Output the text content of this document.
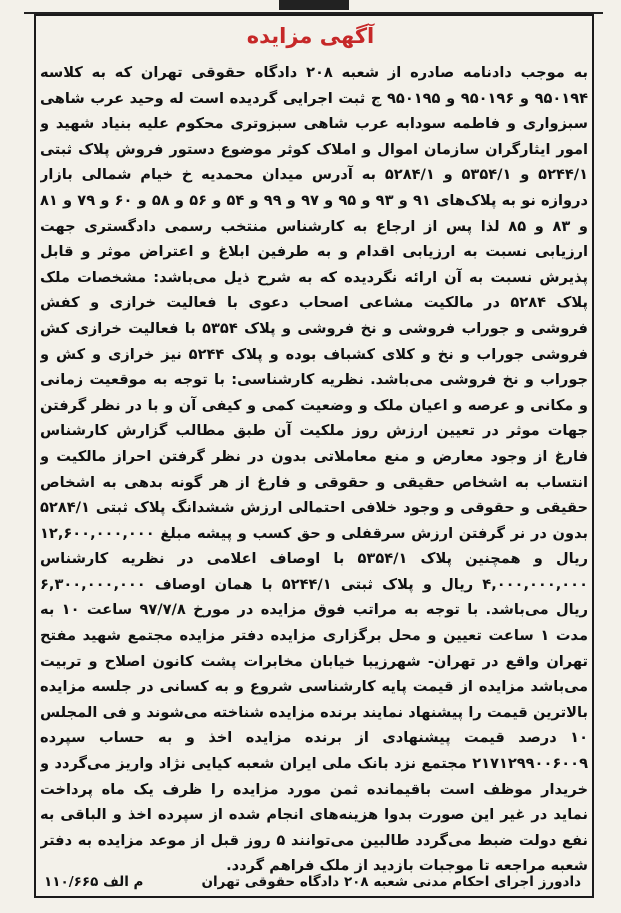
آگهی مزایده
به موجب دادنامه صادره از شعبه ۲۰۸ دادگاه حقوقی تهران که به کلاسه ۹۵۰۱۹۴ و ۹۵۰۱۹۶ و ۹۵۰۱۹۵ ج ثبت اجرایی گردیده است له وحید عرب شاهی سبزواری و فاطمه سودابه عرب شاهی سبزوتری محکوم علیه بنیاد شهید و امور ایثارگران سازمان اموال و املاک کوثر موضوع دستور فروش پلاک ثبتی ۵۲۴۴/۱ و ۵۳۵۴/۱ و ۵۲۸۴/۱ به آدرس میدان محمدیه خ خیام شمالی بازار دروازه نو به پلاک‌های ۹۱ و ۹۳ و ۹۵ و ۹۷ و ۹۹ و ۵۴ و ۵۶ و ۵۸ و ۶۰ و ۷۹ و ۸۱ و ۸۳ و ۸۵ لذا پس از ارجاع به کارشناس منتخب رسمی دادگستری جهت ارزیابی نسبت به ارزیابی اقدام و به طرفین ابلاغ و اعتراض موثر و قابل پذیرش نسبت به آن ارائه نگردیده که به شرح ذیل می‌باشد: مشخصات ملک پلاک ۵۲۸۴ در مالکیت مشاعی اصحاب دعوی با فعالیت خرازی و کفش فروشی و جوراب فروشی و نخ فروشی و پلاک ۵۳۵۴ با فعالیت خرازی کش فروشی جوراب و نخ و کلای کشباف بوده و پلاک ۵۲۴۴ نیز خرازی و کش و جوراب و نخ فروشی می‌باشد. نظریه کارشناسی: با توجه به موقعیت زمانی و مکانی و عرصه و اعیان ملک و وضعیت کمی و کیفی آن و با در نظر گرفتن جهات موثر در تعیین ارزش روز ملکیت آن طبق مطالب گزارش کارشناس فارغ از وجود معارض و منع معاملاتی بدون در نظر گرفتن احراز مالکیت و انتساب به اشخاص حقیقی و حقوقی و فارغ از هر گونه بدهی به اشخاص حقیقی و حقوقی و وجود خلافی احتمالی ارزش ششدانگ پلاک ثبتی ۵۲۸۴/۱ بدون در نر گرفتن ارزش سرقفلی و حق کسب و پیشه مبلغ ۱۲,۶۰۰,۰۰۰,۰۰۰ ریال و همچنین پلاک ۵۳۵۴/۱ با اوصاف اعلامی در نظریه کارشناس ۴,۰۰۰,۰۰۰,۰۰۰ ریال و پلاک ثبتی ۵۲۴۴/۱ با همان اوصاف ۶,۳۰۰,۰۰۰,۰۰۰ ریال می‌باشد. با توجه به مراتب فوق مزایده در مورخ ۹۷/۷/۸ ساعت ۱۰ به مدت ۱ ساعت تعیین و محل برگزاری مزایده دفتر مزایده مجتمع شهید مفتح تهران واقع در تهران- شهرزیبا خیابان مخابرات پشت کانون اصلاح و تربیت می‌باشد مزایده از قیمت پایه کارشناسی شروع و به کسانی در جلسه مزایده بالاترین قیمت را پیشنهاد نمایند برنده مزایده شناخته می‌شوند و فی المجلس ۱۰ درصد قیمت پیشنهادی از برنده مزایده اخذ و به حساب سپرده ۲۱۷۱۲۹۹۰۰۶۰۰۹ مجتمع نزد بانک ملی ایران شعبه کیایی نژاد واریز می‌گردد و خریدار موظف است باقیمانده ثمن مورد مزایده را ظرف یک ماه پرداخت نماید در غیر این صورت بدوا هزینه‌های انجام شده از سپرده اخذ و الباقی به نفع دولت ضبط می‌گردد طالبین می‌توانند ۵ روز قبل از موعد مزایده به دفتر شعبه مراجعه تا موجبات بازدید از ملک فراهم گردد.
۱۱۰/۶۶۵ م الف	دادورز اجرای احکام مدنی شعبه ۲۰۸ دادگاه حقوقی تهران
